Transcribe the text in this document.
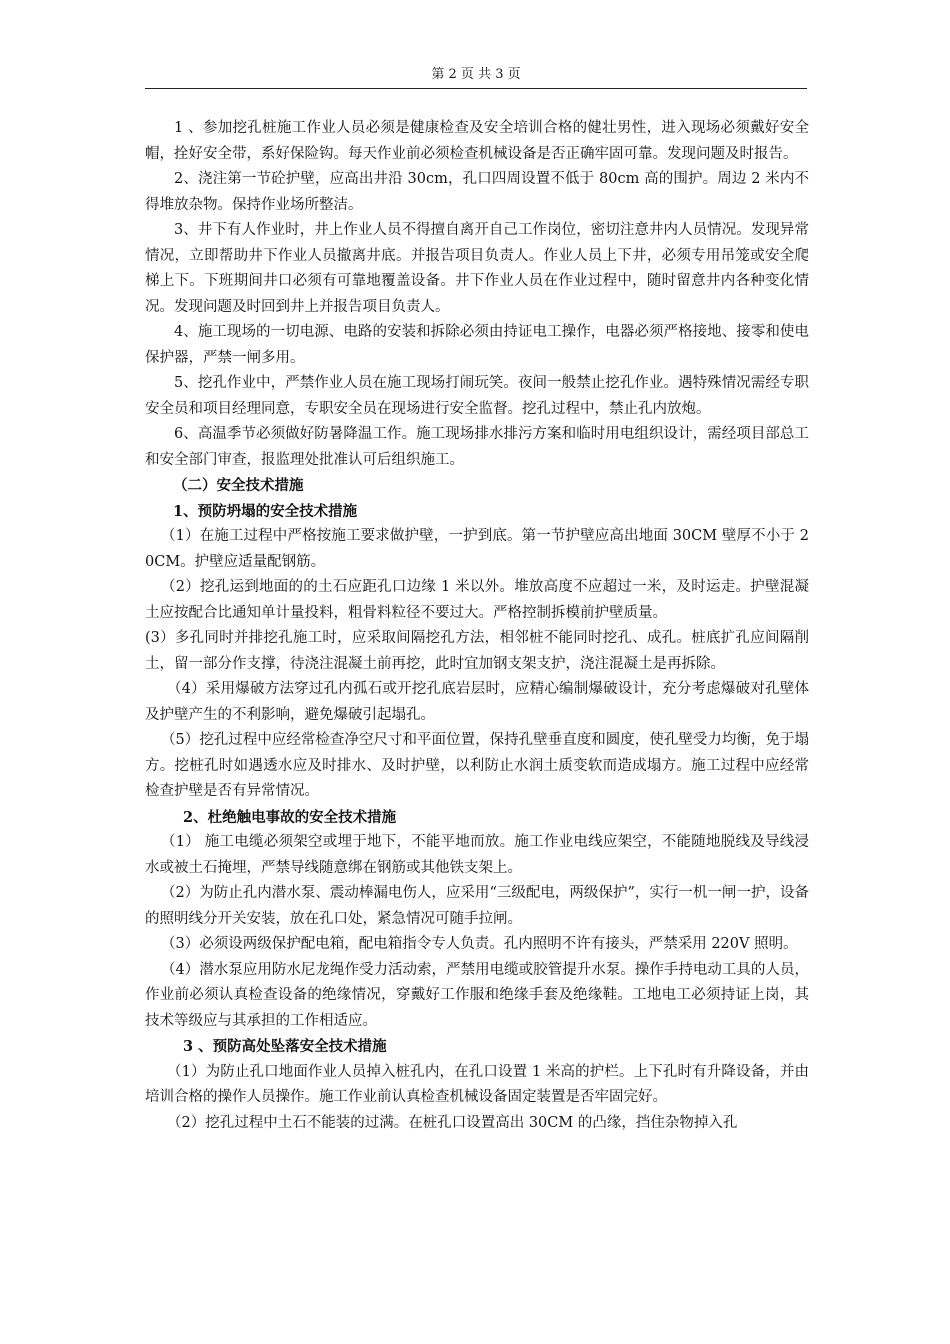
第 2 页 共 3 页

1 、参加挖孔桩施工作业人员必须是健康检查及安全培训合格的健壮男性，进入现场必须戴好安全帽，拴好安全带，系好保险钩。每天作业前必须检查机械设备是否正确牢固可靠。发现问题及时报告。

2、浇注第一节砼护壁，应高出井沿 30cm，孔口四周设置不低于 80cm 高的围护。周边 2 米内不得堆放杂物。保持作业场所整洁。

3、井下有人作业时，井上作业人员不得擅自离开自己工作岗位，密切注意井内人员情况。发现异常情况，立即帮助井下作业人员撤离井底。并报告项目负责人。作业人员上下井，必须专用吊笼或安全爬梯上下。下班期间井口必须有可靠地覆盖设备。井下作业人员在作业过程中，随时留意井内各种变化情况。发现问题及时回到井上并报告项目负责人。

4、施工现场的一切电源、电路的安装和拆除必须由持证电工操作，电器必须严格接地、接零和使电保护器，严禁一闸多用。

5、挖孔作业中，严禁作业人员在施工现场打闹玩笑。夜间一般禁止挖孔作业。遇特殊情况需经专职安全员和项目经理同意，专职安全员在现场进行安全监督。挖孔过程中，禁止孔内放炮。

6、高温季节必须做好防暑降温工作。施工现场排水排污方案和临时用电组织设计，需经项目部总工和安全部门审查，报监理处批准认可后组织施工。

（二）安全技术措施

1、预防坍塌的安全技术措施

（1）在施工过程中严格按施工要求做护壁，一护到底。第一节护壁应高出地面 30CM 壁厚不小于 20CM。护壁应适量配钢筋。

（2）挖孔运到地面的的土石应距孔口边缘 1 米以外。堆放高度不应超过一米，及时运走。护壁混凝土应按配合比通知单计量投料，粗骨料粒径不要过大。严格控制拆模前护壁质量。

(3）多孔同时并排挖孔施工时，应采取间隔挖孔方法，相邻桩不能同时挖孔、成孔。桩底扩孔应间隔削土，留一部分作支撑，待浇注混凝土前再挖，此时宜加钢支架支护，浇注混凝土是再拆除。

（4）采用爆破方法穿过孔内孤石或开挖孔底岩层时，应精心编制爆破设计，充分考虑爆破对孔壁体及护壁产生的不利影响，避免爆破引起塌孔。

（5）挖孔过程中应经常检查净空尺寸和平面位置，保持孔壁垂直度和圆度，使孔壁受力均衡，免于塌方。挖桩孔时如遇透水应及时排水、及时护壁，以利防止水润土质变软而造成塌方。施工过程中应经常检查护壁是否有异常情况。

2、杜绝触电事故的安全技术措施

（1） 施工电缆必须架空或埋于地下，不能平地而放。施工作业电线应架空，不能随地脱线及导线浸水或被土石掩埋，严禁导线随意绑在钢筋或其他铁支架上。

（2）为防止孔内潜水泵、震动棒漏电伤人，应采用“三级配电，两级保护”，实行一机一闸一护，设备的照明线分开关安装，放在孔口处，紧急情况可随手拉闸。

（3）必须设两级保护配电箱，配电箱指令专人负责。孔内照明不许有接头，严禁采用 220V 照明。

（4）潜水泵应用防水尼龙绳作受力活动索，严禁用电缆或胶管提升水泵。操作手持电动工具的人员，作业前必须认真检查设备的绝缘情况，穿戴好工作服和绝缘手套及绝缘鞋。工地电工必须持证上岗，其技术等级应与其承担的工作相适应。

3 、预防高处坠落安全技术措施

（1）为防止孔口地面作业人员掉入桩孔内，在孔口设置 1 米高的护栏。上下孔时有升降设备，并由培训合格的操作人员操作。施工作业前认真检查机械设备固定装置是否牢固完好。

（2）挖孔过程中土石不能装的过满。在桩孔口设置高出 30CM 的凸缘，挡住杂物掉入孔
